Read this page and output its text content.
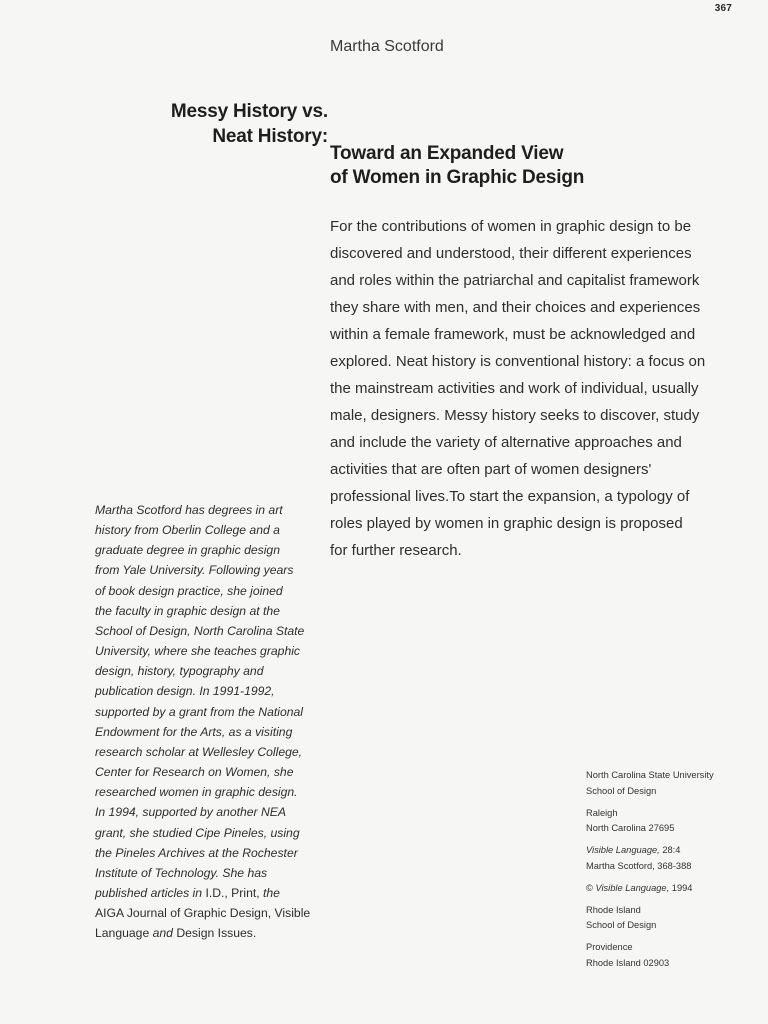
367
Martha Scotford
Messy History vs.
Neat History:
Toward an Expanded View
of Women in Graphic Design
For the contributions of women in graphic design to be
discovered and understood, their different experiences
and roles within the patriarchal and capitalist framework
they share with men, and their choices and experiences
within a female framework, must be acknowledged and
explored. Neat history is conventional history: a focus on
the mainstream activities and work of individual, usually
male, designers. Messy history seeks to discover, study
and include the variety of alternative approaches and
activities that are often part of women designers'
professional lives.To start the expansion, a typology of
roles played by women in graphic design is proposed
for further research.
Martha Scotford has degrees in art
history from Oberlin College and a
graduate degree in graphic design
from Yale University. Following years
of book design practice, she joined
the faculty in graphic design at the
School of Design, North Carolina State
University, where she teaches graphic
design, history, typography and
publication design. In 1991-1992,
supported by a grant from the National
Endowment for the Arts, as a visiting
research scholar at Wellesley College,
Center for Research on Women, she
researched women in graphic design.
In 1994, supported by another NEA
grant, she studied Cipe Pineles, using
the Pineles Archives at the Rochester
Institute of Technology. She has
published articles in I.D., Print, the
AIGA Journal of Graphic Design, Visible
Language and Design Issues.
North Carolina State University
School of Design
Raleigh
North Carolina 27695
Visible Language, 28:4
Martha Scotford, 368-388
© Visible Language, 1994
Rhode Island
School of Design
Providence
Rhode Island 02903
